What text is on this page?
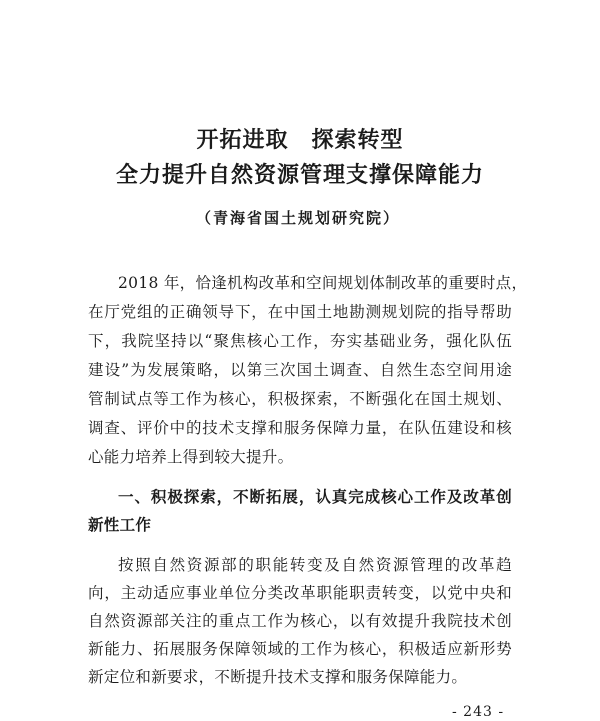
开拓进取　探索转型
全力提升自然资源管理支撑保障能力
（青海省国土规划研究院）
2018 年，恰逢机构改革和空间规划体制改革的重要时点，
在厅党组的正确领导下，在中国土地勘测规划院的指导帮助
下，我院坚持以“聚焦核心工作，夯实基础业务，强化队伍
建设”为发展策略，以第三次国土调查、自然生态空间用途
管制试点等工作为核心，积极探索，不断强化在国土规划、
调查、评价中的技术支撑和服务保障力量，在队伍建设和核
心能力培养上得到较大提升。
一、积极探索，不断拓展，认真完成核心工作及改革创
新性工作
按照自然资源部的职能转变及自然资源管理的改革趋
向，主动适应事业单位分类改革职能职责转变，以党中央和
自然资源部关注的重点工作为核心，以有效提升我院技术创
新能力、拓展服务保障领域的工作为核心，积极适应新形势
新定位和新要求，不断提升技术支撑和服务保障能力。
- 243 -
